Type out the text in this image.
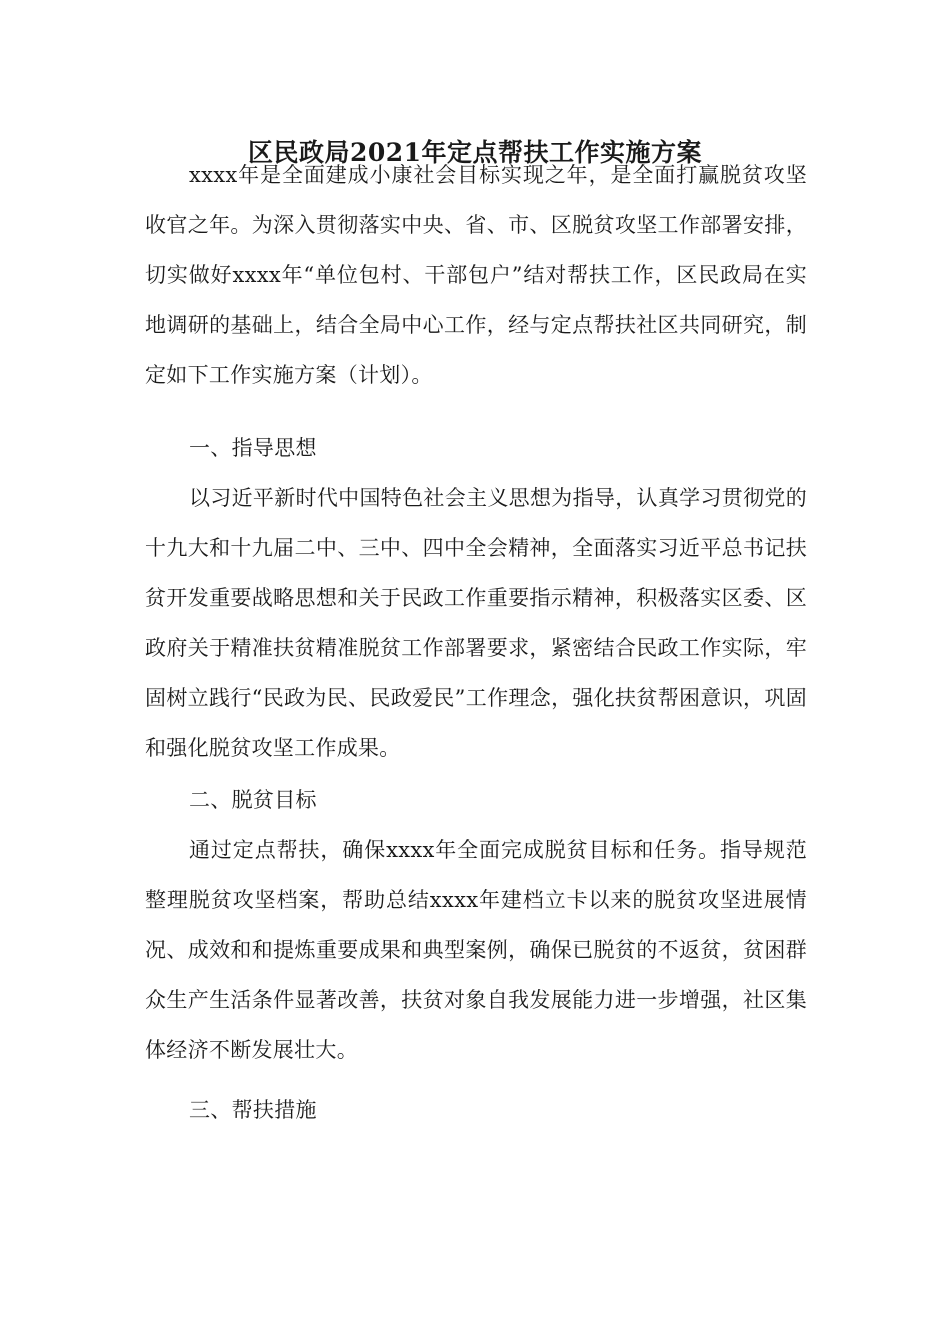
区民政局2021年定点帮扶工作实施方案

xxxx年是全面建成小康社会目标实现之年，是全面打赢脱贫攻坚收官之年。为深入贯彻落实中央、省、市、区脱贫攻坚工作部署安排，切实做好xxxx年“单位包村、干部包户”结对帮扶工作，区民政局在实地调研的基础上，结合全局中心工作，经与定点帮扶社区共同研究，制定如下工作实施方案（计划）。

一、指导思想

以习近平新时代中国特色社会主义思想为指导，认真学习贯彻党的十九大和十九届二中、三中、四中全会精神，全面落实习近平总书记扶贫开发重要战略思想和关于民政工作重要指示精神，积极落实区委、区政府关于精准扶贫精准脱贫工作部署要求，紧密结合民政工作实际，牢固树立践行“民政为民、民政爱民”工作理念，强化扶贫帮困意识，巩固和强化脱贫攻坚工作成果。

二、脱贫目标

通过定点帮扶，确保xxxx年全面完成脱贫目标和任务。指导规范整理脱贫攻坚档案，帮助总结xxxx年建档立卡以来的脱贫攻坚进展情况、成效和和提炼重要成果和典型案例，确保已脱贫的不返贫，贫困群众生产生活条件显著改善，扶贫对象自我发展能力进一步增强，社区集体经济不断发展壮大。

三、帮扶措施
